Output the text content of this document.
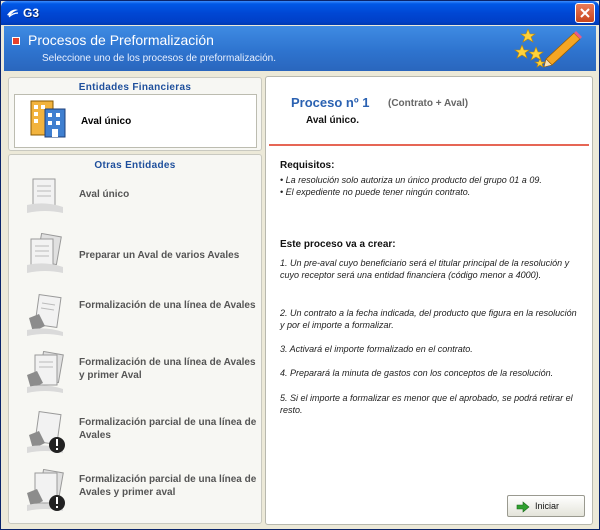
G3
Procesos de Preformalización
Seleccione uno de los procesos de preformalización.
Entidades Financieras
Aval único
Otras Entidades
Aval único
Preparar un Aval de varios Avales
Formalización de una línea de Avales
Formalización de una línea de Avales y primer Aval
Formalización parcial de una línea de Avales
Formalización parcial de una línea de Avales y primer aval
Proceso nº 1 (Contrato + Aval)
Aval único.
Requisitos:
• La resolución solo autoriza un único producto del grupo 01 a 09.
• El expediente no puede tener ningún contrato.
Este proceso va a crear:
1. Un pre-aval cuyo beneficiario será el titular principal de la resolución y cuyo receptor será una entidad financiera (código menor a 4000).
2. Un contrato a la fecha indicada, del producto que figura en la resolución y por el importe a formalizar.
3. Activará el importe formalizado en el contrato.
4. Preparará la minuta de gastos con los conceptos de la resolución.
5. Si el importe a formalizar es menor que el aprobado, se podrá retirar el resto.
Iniciar
